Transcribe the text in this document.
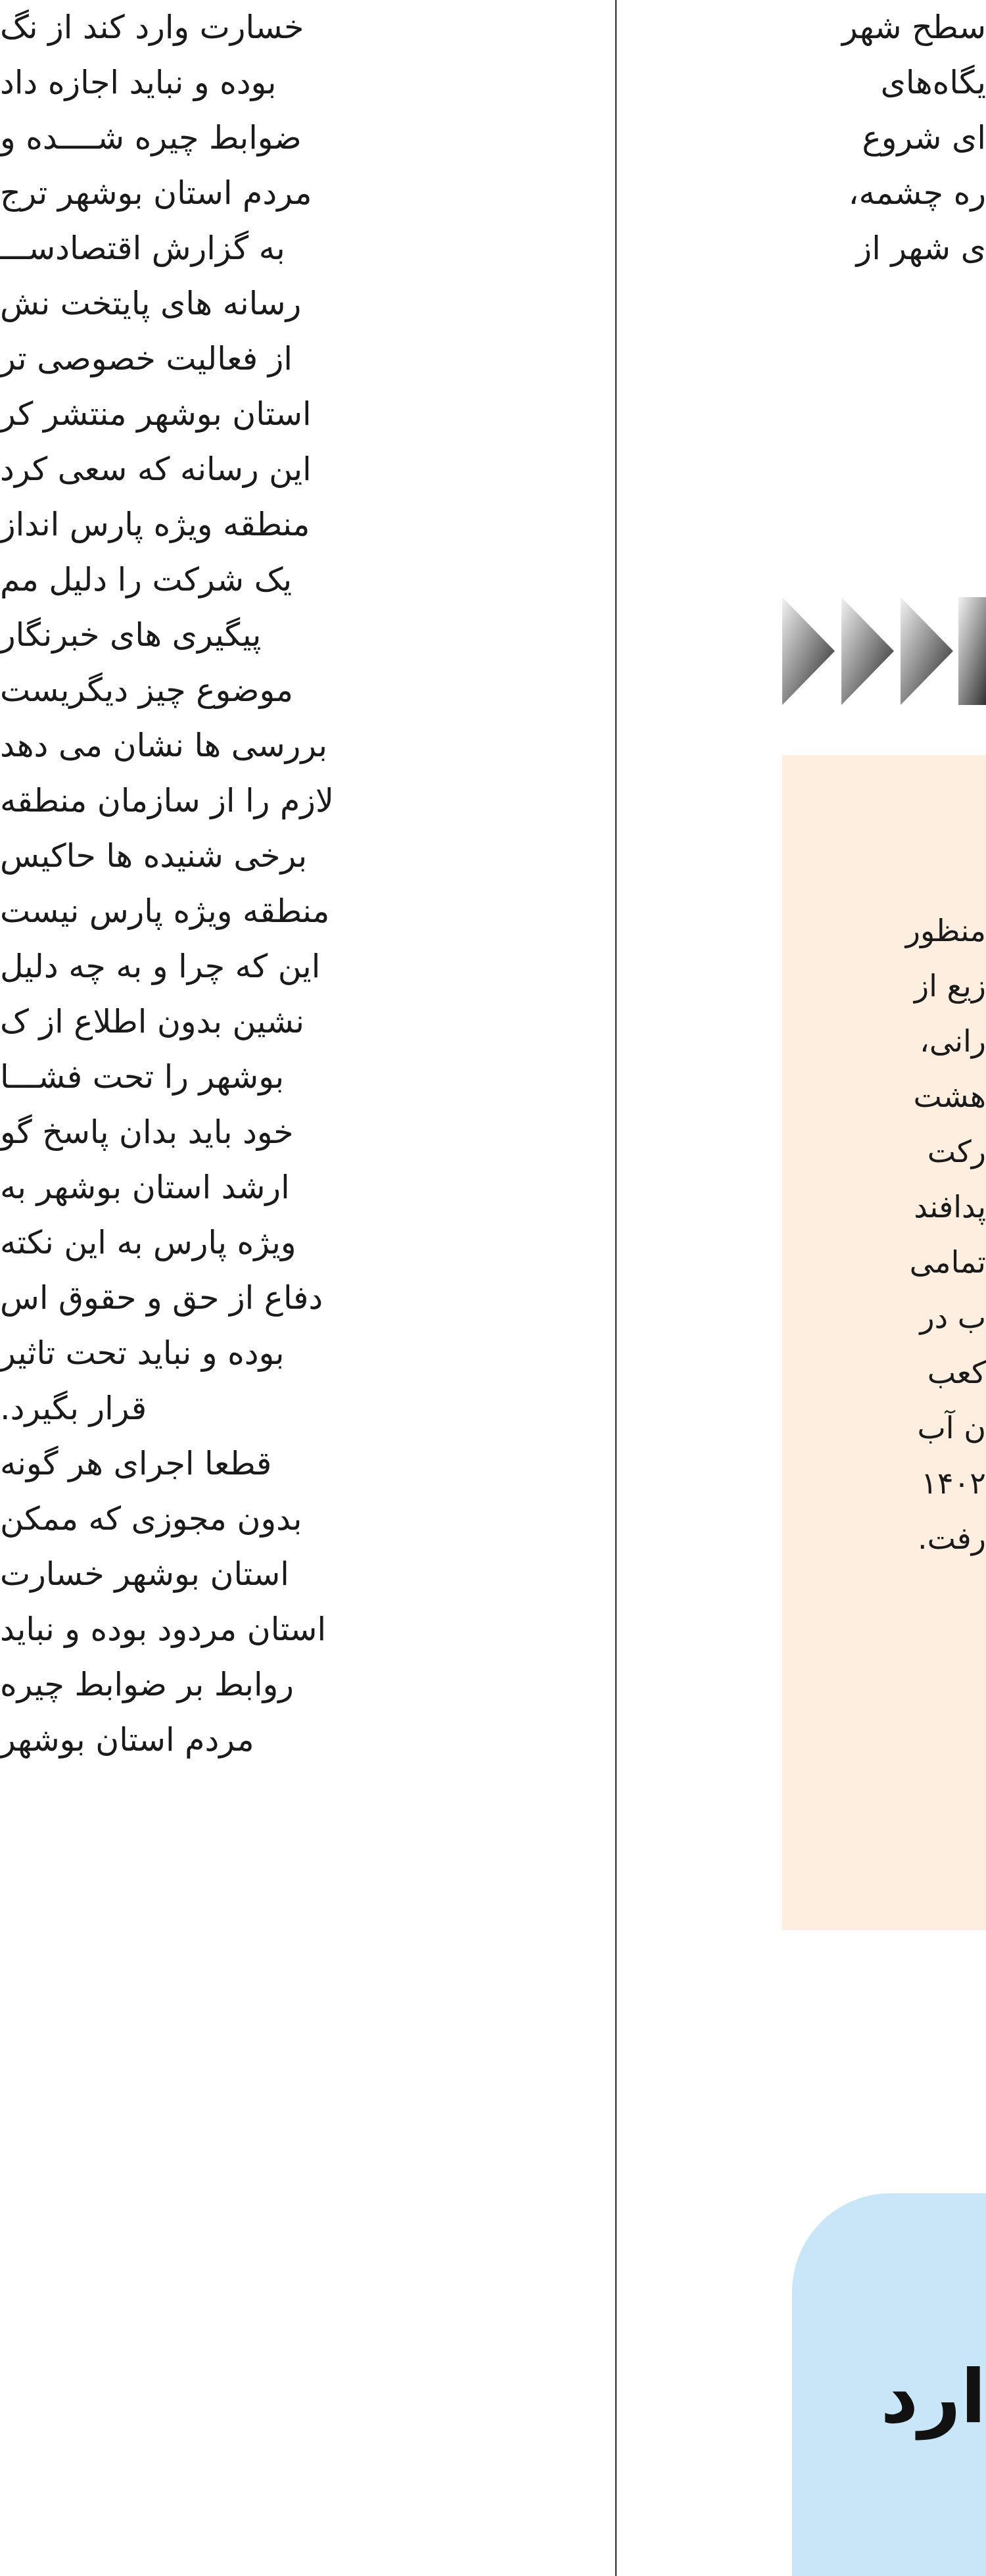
خسارت وارد کند از نگ

بوده و نباید اجازه داد

ضوابط چیره شــــده و

مردم استان بوشهر ترج

به گزارش اقتصادســـ

رسانه های پایتخت نش

از فعالیت خصوصی تر

استان بوشهر منتشر کر

این رسانه که سعی کرد

منطقه ویژه پارس انداز

یک شرکت را دلیل مم

پیگیری های خبرنگار

موضوع چیز دیگریست

بررسی ها نشان می دهد

لازم را از سازمان منطقه

برخی شنیده ها حاکیس

منطقه ویژه پارس نیست

این که چرا و به چه دلیل

نشین بدون اطلاع از ک

بوشهر را تحت فشـــا

خود باید بدان پاسخ گو

ارشد استان بوشهر به

ویژه پارس به این نکته

دفاع از حق و حقوق اس

بوده و نباید تحت تاثیر

قرار بگیرد.

قطعا اجرای هر گونه

بدون مجوزی که ممکن

استان بوشهر خسارت

استان مردود بوده و نباید

روابط بر ضوابط چیره

مردم استان بوشهر

سطح شهر

یگاه‌های

ای شروع

ره چشمه،

ی شهر از

منظور

زیع از

رانی،

هشت

رکت

پدافند

تمامی

ب در

کعب

ن آب

۱۴۰۲

رفت.

ارد
